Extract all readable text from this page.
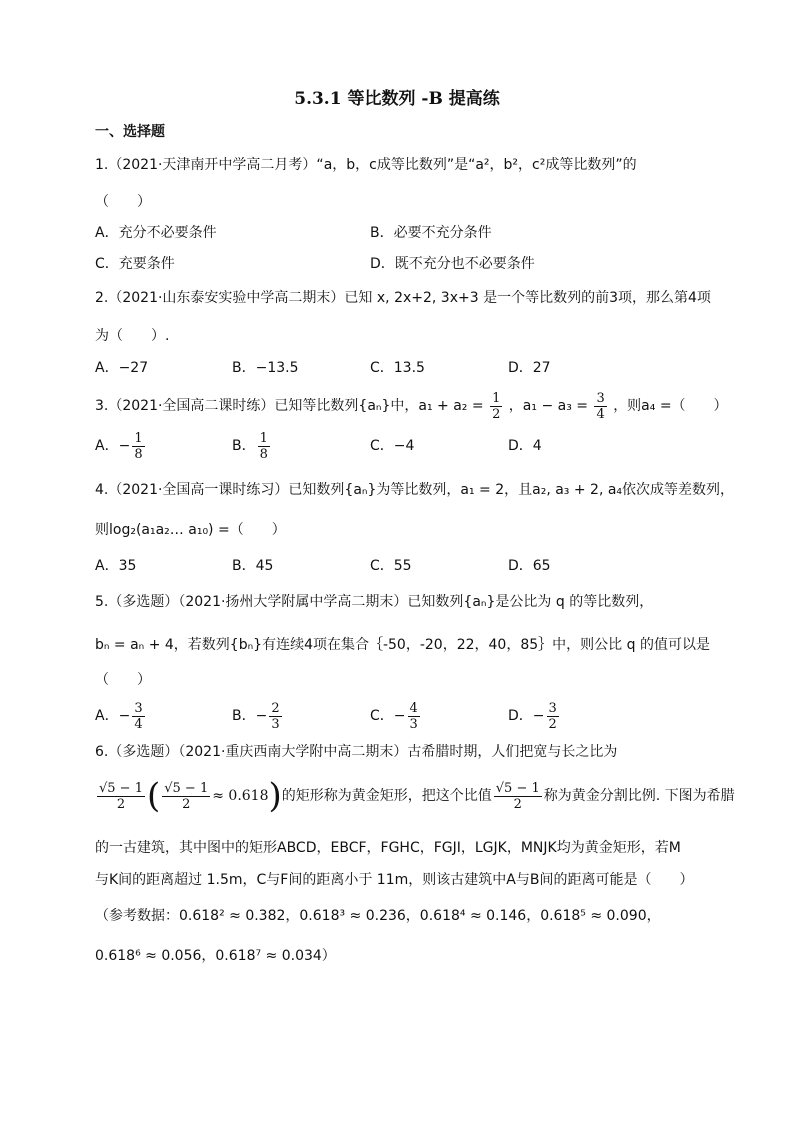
5.3.1 等比数列 -B 提高练
一、选择题
1.（2021·天津南开中学高二月考）“a，b，c成等比数列”是“a²，b²，c²成等比数列”的
（　　）
A．充分不必要条件	B．必要不充分条件
C．充要条件	D．既不充分也不必要条件
2.（2021·山东泰安实验中学高二期末）已知 x, 2x+2, 3x+3 是一个等比数列的前3项，那么第4项
为（　　）.
A．−27	B．−13.5	C．13.5	D．27
3.（2021·全国高二课时练）已知等比数列{aₙ}中，$a_1 + a_2 = \frac{1}{2}$ ，$a_1 - a_3 = \frac{3}{4}$ ，则a₄ =（　　）
A．− $\frac{1}{8}$	B． $\frac{1}{8}$	C．−4	D．4
4.（2021·全国高一课时练习）已知数列{aₙ}为等比数列，a₁ = 2，且a₂, a₃ + 2, a₄依次成等差数列，
则log₂(a₁a₂… a₁₀) =（　　）
A．35	B．45	C．55	D．65
5.（多选题）（2021·扬州大学附属中学高二期末）已知数列{aₙ}是公比为 q 的等比数列，
bₙ = aₙ + 4，若数列{bₙ}有连续4项在集合｛-50，-20，22，40，85｝中，则公比 q 的值可以是
（　　）
A．− $\frac{3}{4}$	B．− $\frac{2}{3}$	C．− $\frac{4}{3}$	D．− $\frac{3}{2}$
6.（多选题）（2021·重庆西南大学附中高二期末）古希腊时期，人们把宽与长之比为
$\frac{√5 - 1}{2}$ ( $\frac{√5 - 1}{2} \approx 0.618$)的矩形称为黄金矩形，把这个比值 $\frac{√5 - 1}{2}$ 称为黄金分割比例. 下图为希腊
的一古建筑，其中图中的矩形ABCD，EBCF，FGHC，FGJI，LGJK，MNJK均为黄金矩形，若M
与K间的距离超过 1.5m，C与F间的距离小于 11m，则该古建筑中A与B间的距离可能是（　　）
（参考数据：0.618² ≈ 0.382，0.618³ ≈ 0.236，0.618⁴ ≈ 0.146，0.618⁵ ≈ 0.090，
0.618⁶ ≈ 0.056，0.618⁷ ≈ 0.034）
